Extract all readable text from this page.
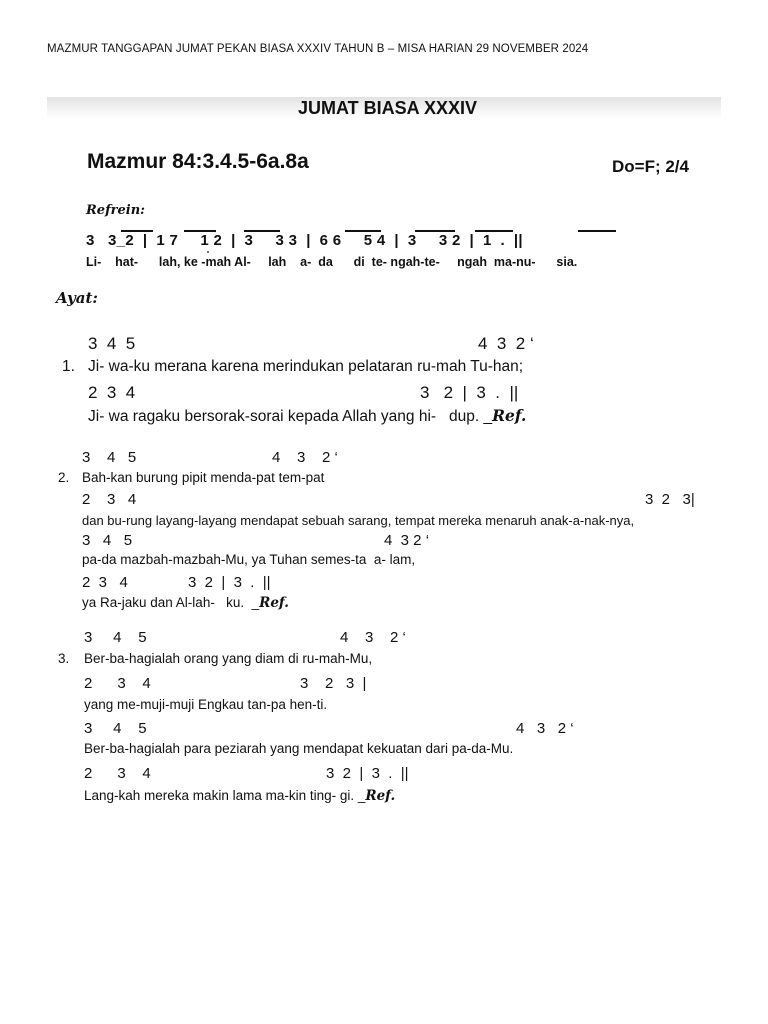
MAZMUR TANGGAPAN JUMAT PEKAN BIASA XXXIV TAHUN B – MISA HARIAN 29 NOVEMBER 2024
JUMAT BIASA XXXIV
Mazmur 84:3.4.5-6a.8a	Do=F; 2/4
Refrein:
3   3_2  |  1 7     1 2  |  3     3 3  |  6 6     5 4  |  3     3 2  |  1  .  ||
Li-    hat-      lah, ke -mah Al-     lah    a-  da      di  te- ngah-te-     ngah  ma-nu-      sia.
Ayat:
3  4  5	4  3  2 ‘
1. Ji- wa-ku merana karena merindukan pelataran ru-mah Tu-han;
2  3  4	3   2  |  3  .  ||
Ji- wa ragaku bersorak-sorai kepada Allah yang hi-   dup. _Ref.
3    4   5	4    3    2 ‘
2. Bah-kan burung pipit menda-pat tem-pat
2    3   4	3  2   3|
dan bu-rung layang-layang mendapat sebuah sarang, tempat mereka menaruh anak-a-nak-nya,
3   4   5	4  3 2 ‘
pa-da mazbah-mazbah-Mu, ya Tuhan semes-ta  a- lam,
2  3   4	3  2  |  3  .  ||
ya Ra-jaku dan Al-lah-   ku.  _Ref.
3     4    5	4    3    2 ‘
3. Ber-ba-hagialah orang yang diam di ru-mah-Mu,
2      3    4	3    2   3  |
yang me-muji-muji Engkau tan-pa hen-ti.
3     4    5	4   3   2 ‘
Ber-ba-hagialah para peziarah yang mendapat kekuatan dari pa-da-Mu.
2      3    4	3  2  |  3  .  ||
Lang-kah mereka makin lama ma-kin ting- gi. _Ref.
